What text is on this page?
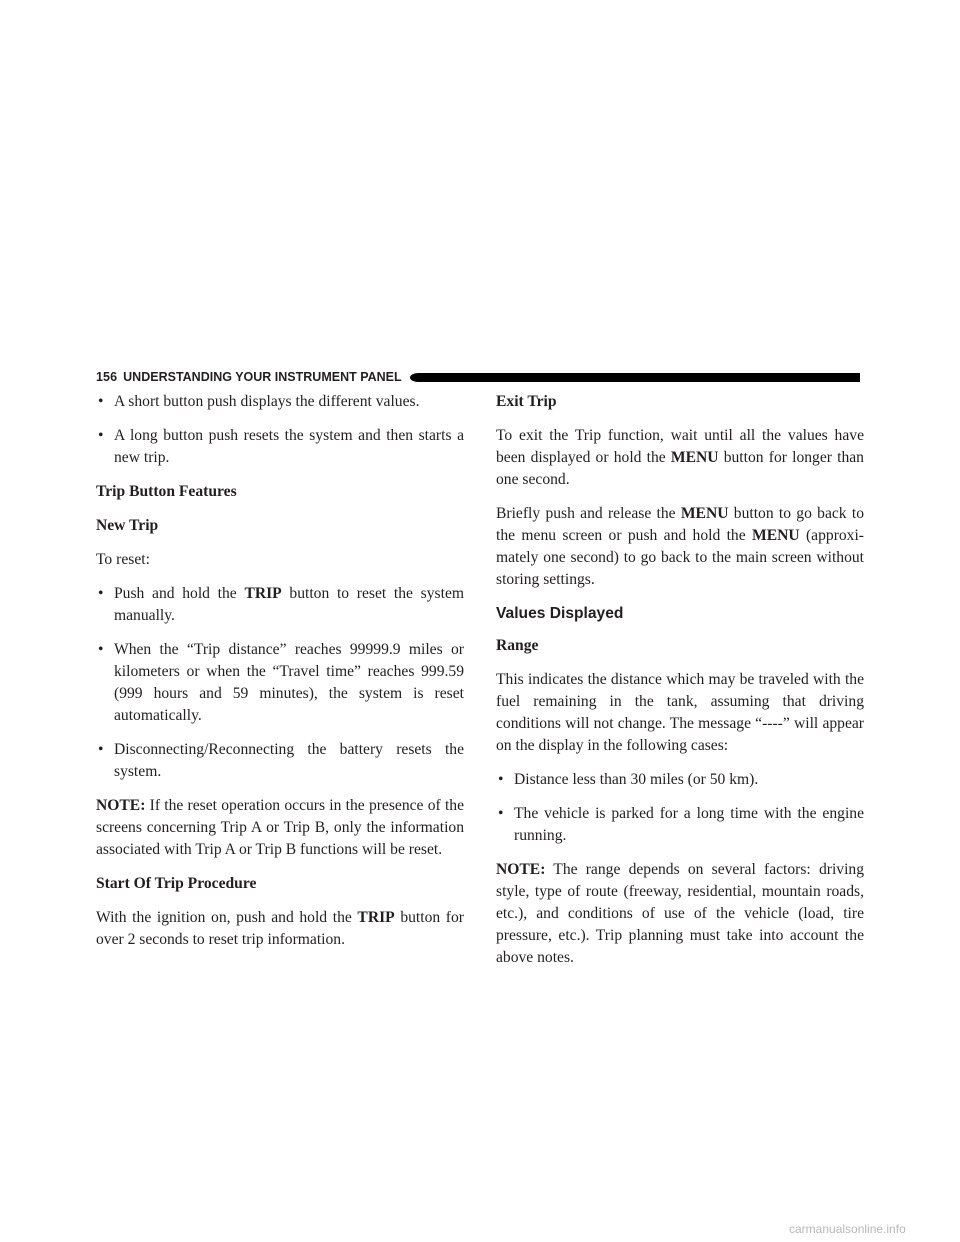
156 UNDERSTANDING YOUR INSTRUMENT PANEL
• A short button push displays the different values.
• A long button push resets the system and then starts a new trip.
Trip Button Features
New Trip
To reset:
• Push and hold the TRIP button to reset the system manually.
• When the “Trip distance” reaches 99999.9 miles or kilometers or when the “Travel time” reaches 999.59 (999 hours and 59 minutes), the system is reset automatically.
• Disconnecting/Reconnecting the battery resets the system.
NOTE: If the reset operation occurs in the presence of the screens concerning Trip A or Trip B, only the information associated with Trip A or Trip B functions will be reset.
Start Of Trip Procedure
With the ignition on, push and hold the TRIP button for over 2 seconds to reset trip information.
Exit Trip
To exit the Trip function, wait until all the values have been displayed or hold the MENU button for longer than one second.
Briefly push and release the MENU button to go back to the menu screen or push and hold the MENU (approxi-mately one second) to go back to the main screen without storing settings.
Values Displayed
Range
This indicates the distance which may be traveled with the fuel remaining in the tank, assuming that driving conditions will not change. The message “----” will appear on the display in the following cases:
• Distance less than 30 miles (or 50 km).
• The vehicle is parked for a long time with the engine running.
NOTE: The range depends on several factors: driving style, type of route (freeway, residential, mountain roads, etc.), and conditions of use of the vehicle (load, tire pressure, etc.). Trip planning must take into account the above notes.
carmanualsonline.info
